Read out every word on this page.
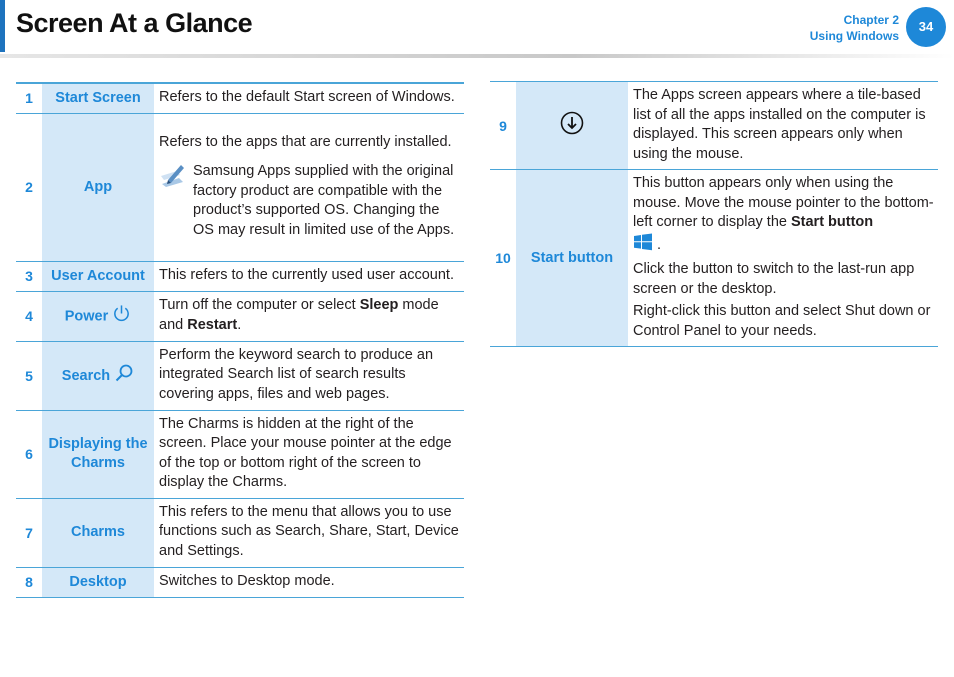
Screen At a Glance	Chapter 2
Using Windows
34
1	Start Screen	Refers to the default Start screen of Windows.
2	App	Refers to the apps that are currently installed.
Samsung Apps supplied with the original factory product are compatible with the product’s supported OS. Changing the OS may result in limited use of the Apps.

3	User Account	This refers to the currently used user account.
4	Power	Turn off the computer or select Sleep mode and Restart.
5	Search	Perform the keyword search to produce an integrated Search list of search results covering apps, files and web pages.
6	Displaying the Charms	The Charms is hidden at the right of the screen. Place your mouse pointer at the edge of the top or bottom right of the screen to display the Charms.
7	Charms	This refers to the menu that allows you to use functions such as Search, Share, Start, Device and Settings.
8	Desktop	Switches to Desktop mode.
9		The Apps screen appears where a tile-based list of all the apps installed on the computer is displayed. This screen appears only when using the mouse.
10	Start button	This button appears only when using the mouse. Move the mouse pointer to the bottom-left corner to display the Start button
.
Click the button to switch to the last-run app screen or the desktop.
Right-click this button and select Shut down or Control Panel to your needs.
